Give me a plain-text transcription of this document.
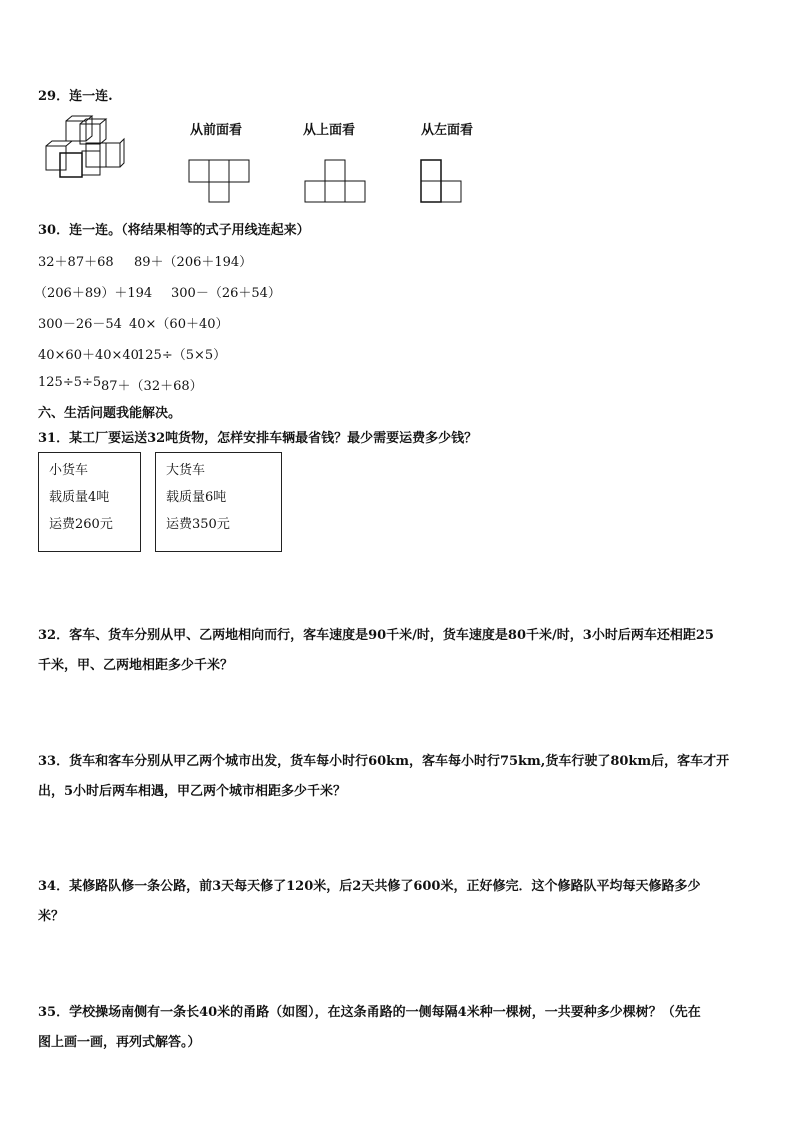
29．连一连.
从前面看	从上面看	从左面看
30．连一连。（将结果相等的式子用线连起来）
32＋87＋68 89＋（206＋194）
（206＋89）＋194 300－（26＋54）
300－26－54 40×（60＋40）
40×60＋40×40
125÷（5×5）
125÷5÷5 87＋（32＋68）
六、生活问题我能解决。
31．某工厂要运送32吨货物，怎样安排车辆最省钱？最少需要运费多少钱？
小货车
载质量4吨
运费260元
大货车
载质量6吨
运费350元
32．客车、货车分别从甲、乙两地相向而行，客车速度是90千米/时，货车速度是80千米/时，3小时后两车还相距25
千米，甲、乙两地相距多少千米？
33．货车和客车分别从甲乙两个城市出发，货车每小时行60km，客车每小时行75km,货车行驶了80km后，客车才开
出，5小时后两车相遇，甲乙两个城市相距多少千米？
34．某修路队修一条公路，前3天每天修了120米，后2天共修了600米，正好修完．这个修路队平均每天修路多少
米？
35．学校操场南侧有一条长40米的甬路（如图），在这条甬路的一侧每隔4米种一棵树，一共要种多少棵树？（先在
图上画一画，再列式解答。）
